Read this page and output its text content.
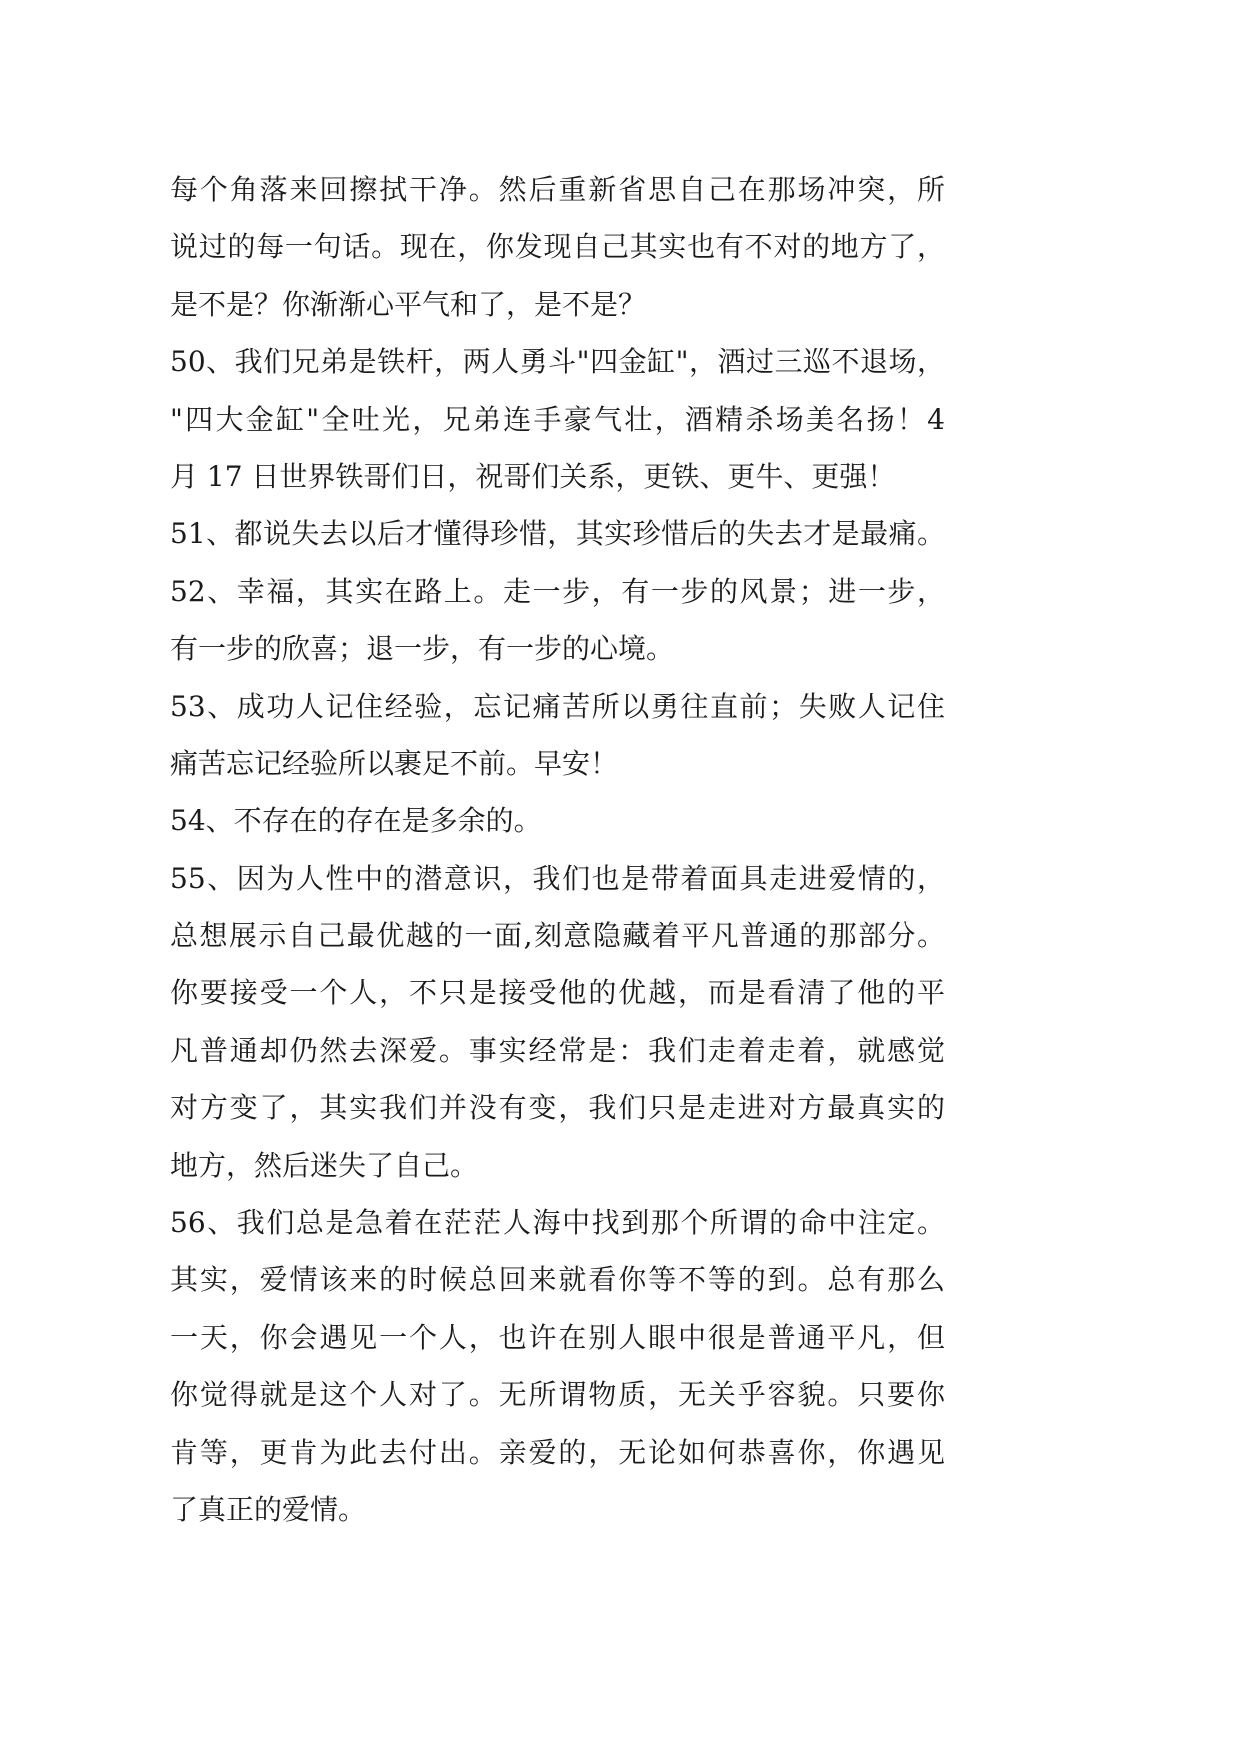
每个角落来回擦拭干净。然后重新省思自己在那场冲突，所
说过的每一句话。现在，你发现自己其实也有不对的地方了，
是不是？你渐渐心平气和了，是不是？
50、我们兄弟是铁杆，两人勇斗"四金缸"，酒过三巡不退场，
"四大金缸"全吐光，兄弟连手豪气壮，酒精杀场美名扬！4
月 17 日世界铁哥们日，祝哥们关系，更铁、更牛、更强！
51、都说失去以后才懂得珍惜，其实珍惜后的失去才是最痛。
52、幸福，其实在路上。走一步，有一步的风景；进一步，
有一步的欣喜；退一步，有一步的心境。
53、成功人记住经验，忘记痛苦所以勇往直前；失败人记住
痛苦忘记经验所以裹足不前。早安！
54、不存在的存在是多余的。
55、因为人性中的潜意识，我们也是带着面具走进爱情的，
总想展示自己最优越的一面,刻意隐藏着平凡普通的那部分。
你要接受一个人，不只是接受他的优越，而是看清了他的平
凡普通却仍然去深爱。事实经常是：我们走着走着，就感觉
对方变了，其实我们并没有变，我们只是走进对方最真实的
地方，然后迷失了自己。
56、我们总是急着在茫茫人海中找到那个所谓的命中注定。
其实，爱情该来的时候总回来就看你等不等的到。总有那么
一天，你会遇见一个人，也许在别人眼中很是普通平凡，但
你觉得就是这个人对了。无所谓物质，无关乎容貌。只要你
肯等，更肯为此去付出。亲爱的，无论如何恭喜你，你遇见
了真正的爱情。
